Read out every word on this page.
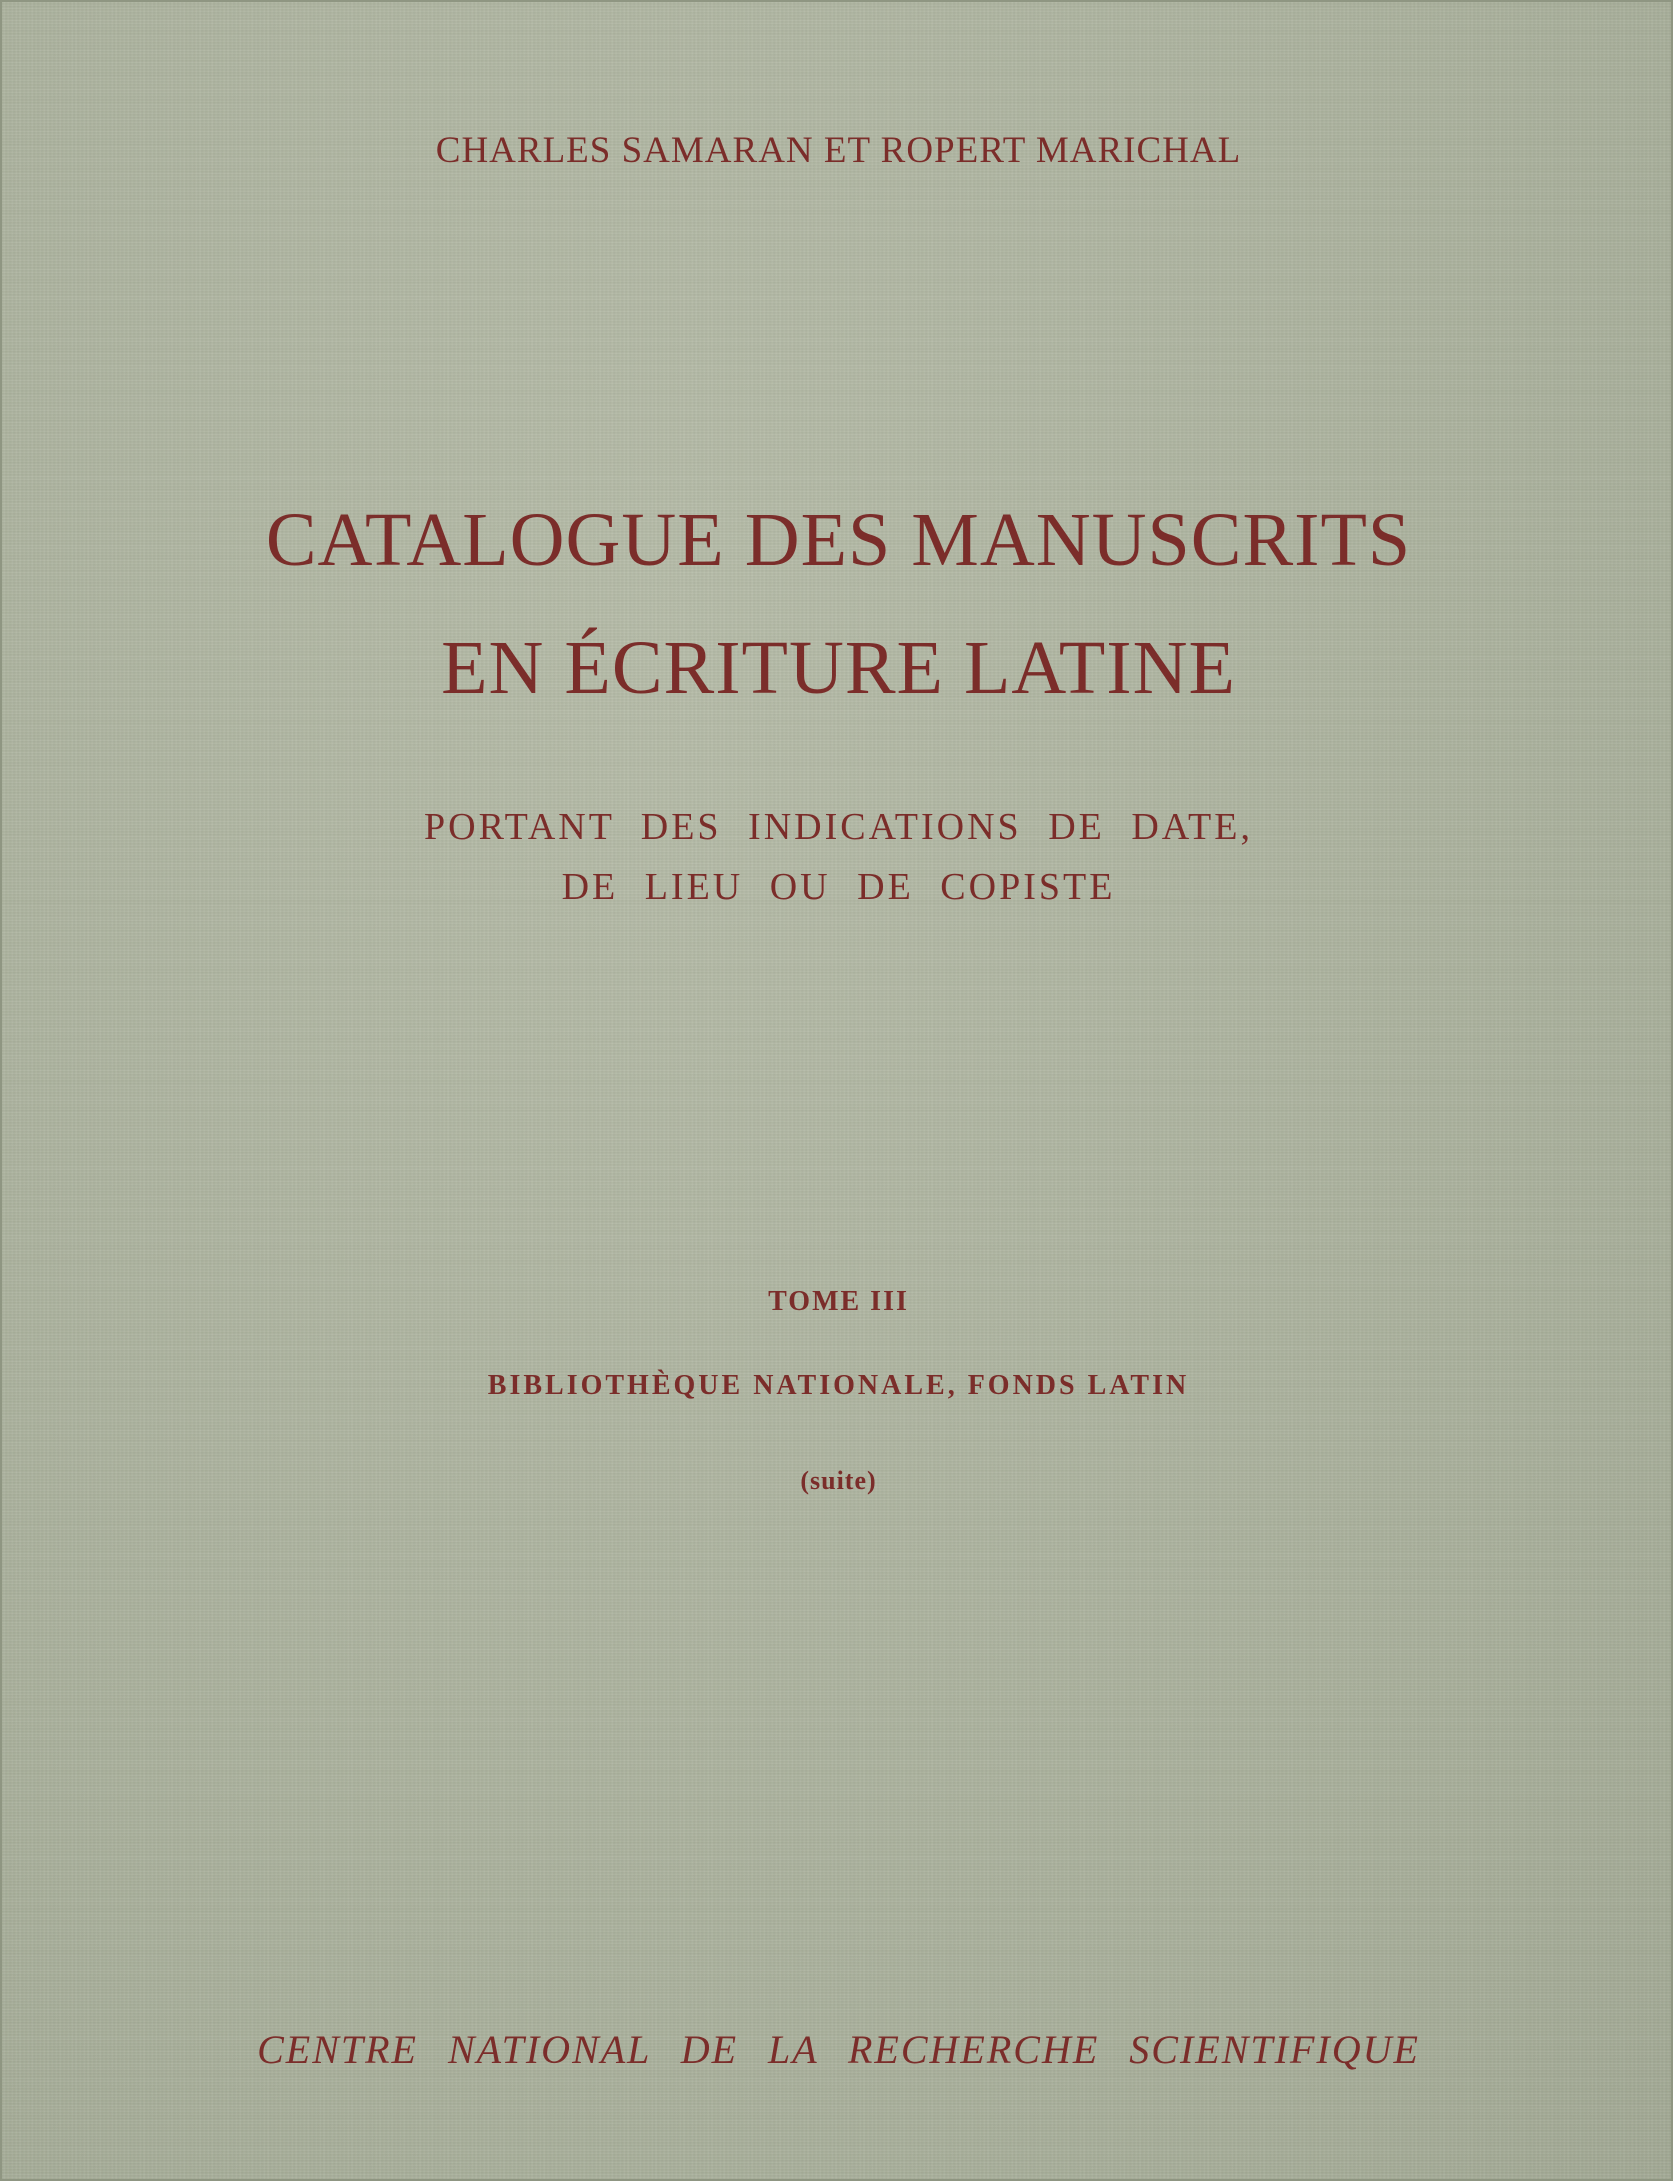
CHARLES SAMARAN ET ROPERT MARICHAL
CATALOGUE DES MANUSCRITS
EN ÉCRITURE LATINE
PORTANT DES INDICATIONS DE DATE,
DE LIEU OU DE COPISTE
TOME III
BIBLIOTHÈQUE NATIONALE, FONDS LATIN
(suite)
CENTRE NATIONAL DE LA RECHERCHE SCIENTIFIQUE
